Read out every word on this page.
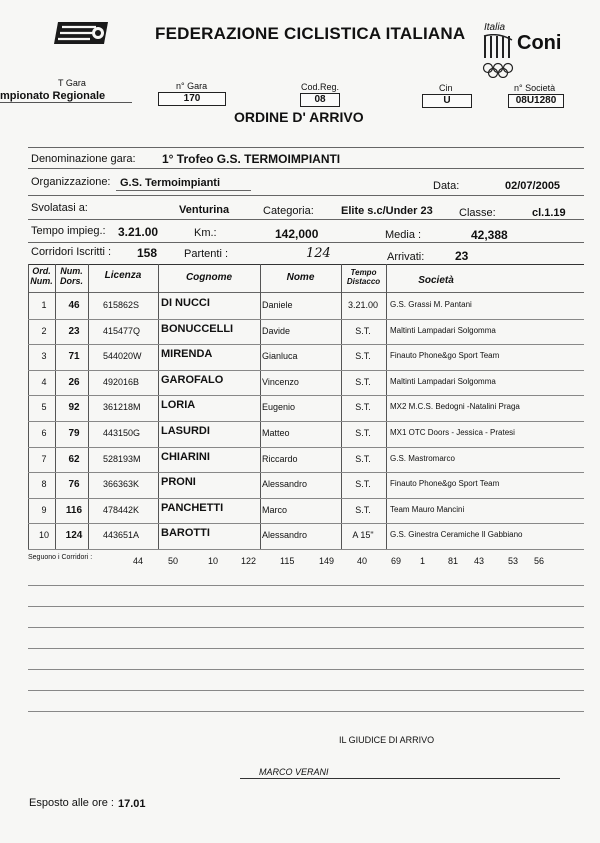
FEDERAZIONE CICLISTICA ITALIANA Italia
Coni
T Gara
mpionato Regionale
n° Gara
170
Cod.Reg.
08
Cin
U
n° Società
08U1280
ORDINE D' ARRIVO
Denominazione gara: 1° Trofeo G.S. TERMOIMPIANTI
Organizzazione: G.S. Termoimpianti	Data:	02/07/2005
Svolatasi a:	Venturina	Categoria: Elite s.c/Under 23 Classe:	cl.1.19
Tempo impieg.: 3.21.00	Km.:	142,000	Media :	42,388
Corridori Iscritti : 158 Partenti :	124	Arrivati:	23
Ord.
Num.
Num.
Dors.	Licenza	Cognome	Nome	Tempo
Distacco	Società
1	46	615862S DI NUCCI	Daniele	3.21.00	G.S. Grassi M. Pantani
2	23	415477Q BONUCCELLI	Davide	S.T.	Maltinti Lampadari Solgomma
3	71	544020W MIRENDA	Gianluca	S.T.	Finauto Phone&go Sport Team
4	26	492016B GAROFALO	Vincenzo	S.T.	Maltinti Lampadari Solgomma
5	92	361218M LORIA	Eugenio	S.T.	MX2 M.C.S. Bedogni -Natalini Praga
6	79	443150G LASURDI	Matteo	S.T.	MX1 OTC Doors - Jessica - Pratesi
7	62	528193M CHIARINI	Riccardo	S.T.	G.S. Mastromarco
8	76	366363K PRONI	Alessandro	S.T.	Finauto Phone&go Sport Team
9	116	478442K PANCHETTI	Marco	S.T.	Team Mauro Mancini
10	124	443651A BAROTTI	Alessandro	A 15"	G.S. Ginestra Ceramiche Il Gabbiano
Seguono i Corridori :	44	50	10	122	115	149	40	69 1	81 43	53 56
IL GIUDICE DI ARRIVO
MARCO VERANI
Esposto alle ore : 17.01
